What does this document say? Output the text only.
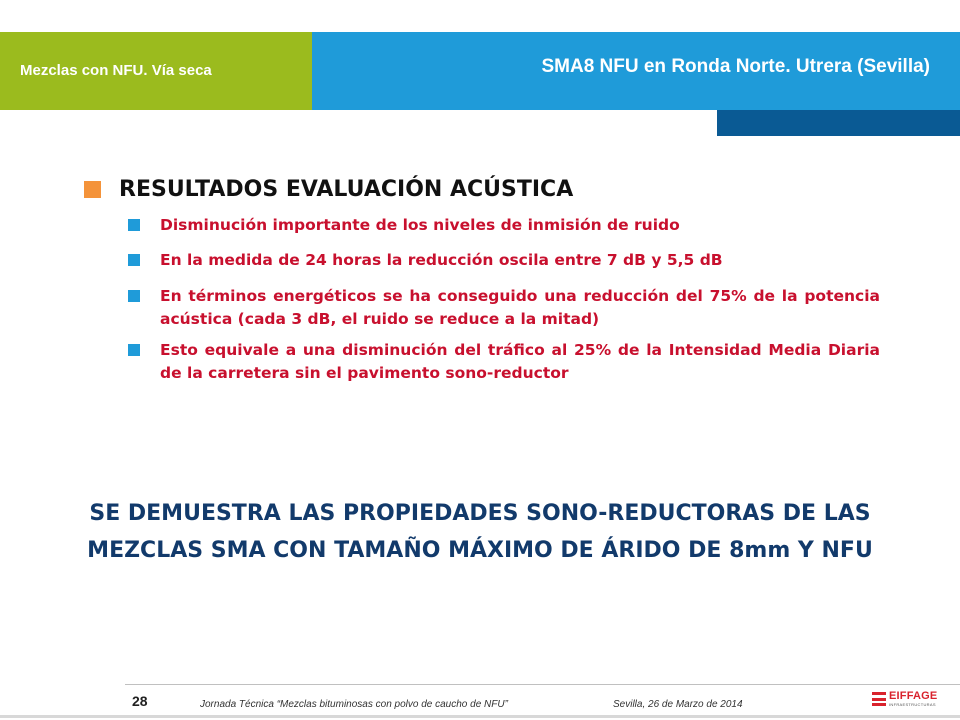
Mezclas con NFU. Vía seca	SMA8 NFU en Ronda Norte. Utrera (Sevilla)
RESULTADOS EVALUACIÓN ACÚSTICA
Disminución importante de los niveles de inmisión de ruido
En la medida de 24 horas la reducción oscila entre 7 dB y 5,5 dB
En términos energéticos se ha conseguido una reducción del 75% de la potencia acústica (cada 3 dB, el ruido se reduce a la mitad)
Esto equivale a una disminución del tráfico al 25% de la Intensidad Media Diaria de la carretera sin el pavimento sono-reductor
SE DEMUESTRA LAS PROPIEDADES SONO-REDUCTORAS DE LAS MEZCLAS SMA CON TAMAÑO MÁXIMO DE ÁRIDO DE 8mm Y NFU
28	Jornada Técnica “Mezclas bituminosas con polvo de caucho de NFU”	Sevilla, 26 de Marzo de 2014
EIFFAGE
INFRAESTRUCTURAS
